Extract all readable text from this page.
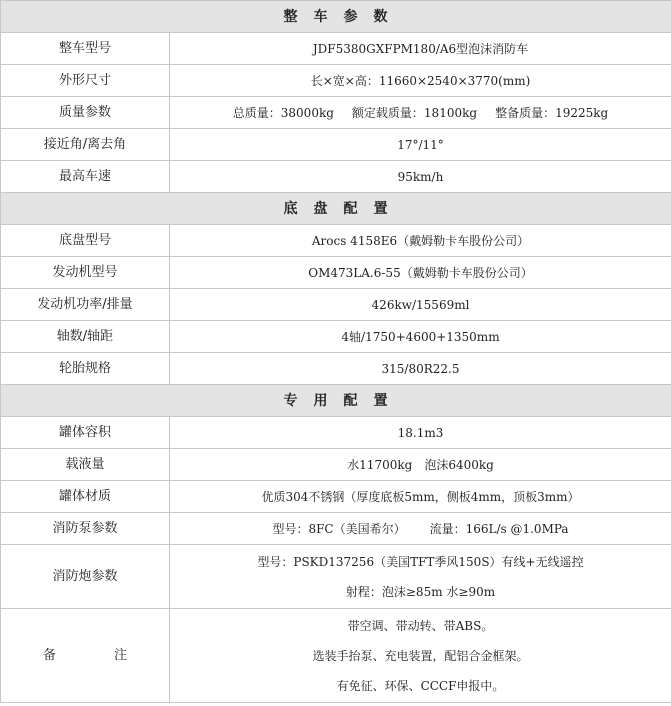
整　车　参　数	
整车型号	JDF5380GXFPM180/A6型泡沫消防车
外形尺寸	长×宽×高：11660×2540×3770(mm)
质量参数	总质量：38000kg 额定载质量：18100kg 整备质量：19225kg
接近角/离去角	17°/11°
最高车速	95km/h
底　盘　配　置	
底盘型号	Arocs 4158E6（戴姆勒卡车股份公司）
发动机型号	OM473LA.6-55（戴姆勒卡车股份公司）
发动机功率/排量	426kw/15569ml
轴数/轴距	4轴/1750+4600+1350mm
轮胎规格	315/80R22.5
专　用　配　置	
罐体容积	18.1m3
载液量	水11700kg 泡沫6400kg
罐体材质	优质304不锈钢（厚度底板5mm，侧板4mm，顶板3mm）
消防泵参数	型号：8FC（美国希尔） 流量：166L/s @1.0MPa
消防炮参数	型号：PSKD137256（美国TFT季风150S）有线+无线遥控
射程：泡沫≥85m 水≥90m

备 注	带空调、带动转、带ABS。
选装手抬泵、充电装置，配铝合金框架。
有免征、环保、CCCF申报中。
